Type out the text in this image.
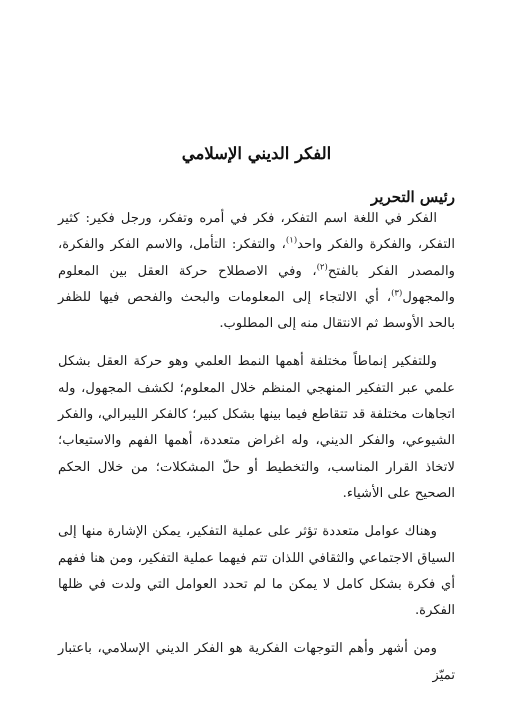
الفكر الديني الإسلامي
رئيس التحرير

الفكر في اللغة اسم التفكر، فكر في أمره وتفكر، ورجل فكير: كثير التفكر، والفكرة والفكر واحد$^{(١)}$، والتفكر: التأمل، والاسم الفكر والفكرة، والمصدر الفكر بالفتح$^{(٢)}$، وفي الاصطلاح حركة العقل بين المعلوم والمجهول$^{(٣)}$، أي الالتجاء إلى المعلومات والبحث والفحص فيها للظفر بالحد الأوسط ثم الانتقال منه إلى المطلوب.

وللتفكير إنماطاً مختلفة أهمها النمط العلمي وهو حركة العقل بشكل علمي عبر التفكير المنهجي المنظم خلال المعلوم؛ لكشف المجهول، وله اتجاهات مختلفة قد تتقاطع فيما بينها بشكل كبير؛ كالفكر الليبرالي، والفكر الشيوعي، والفكر الديني، وله اغراض متعددة، أهمها الفهم والاستيعاب؛ لاتخاذ القرار المناسب، والتخطيط أو حلّ المشكلات؛ من خلال الحكم الصحيح على الأشياء.

وهناك عوامل متعددة تؤثر على عملية التفكير، يمكن الإشارة منها إلى السياق الاجتماعي والثقافي اللذان تتم فيهما عملية التفكير، ومن هنا ففهم أي فكرة بشكل كامل لا يمكن ما لم تحدد العوامل التي ولدت في ظلها الفكرة.

ومن أشهر وأهم التوجهات الفكرية هو الفكر الديني الإسلامي، باعتبار تميّز
